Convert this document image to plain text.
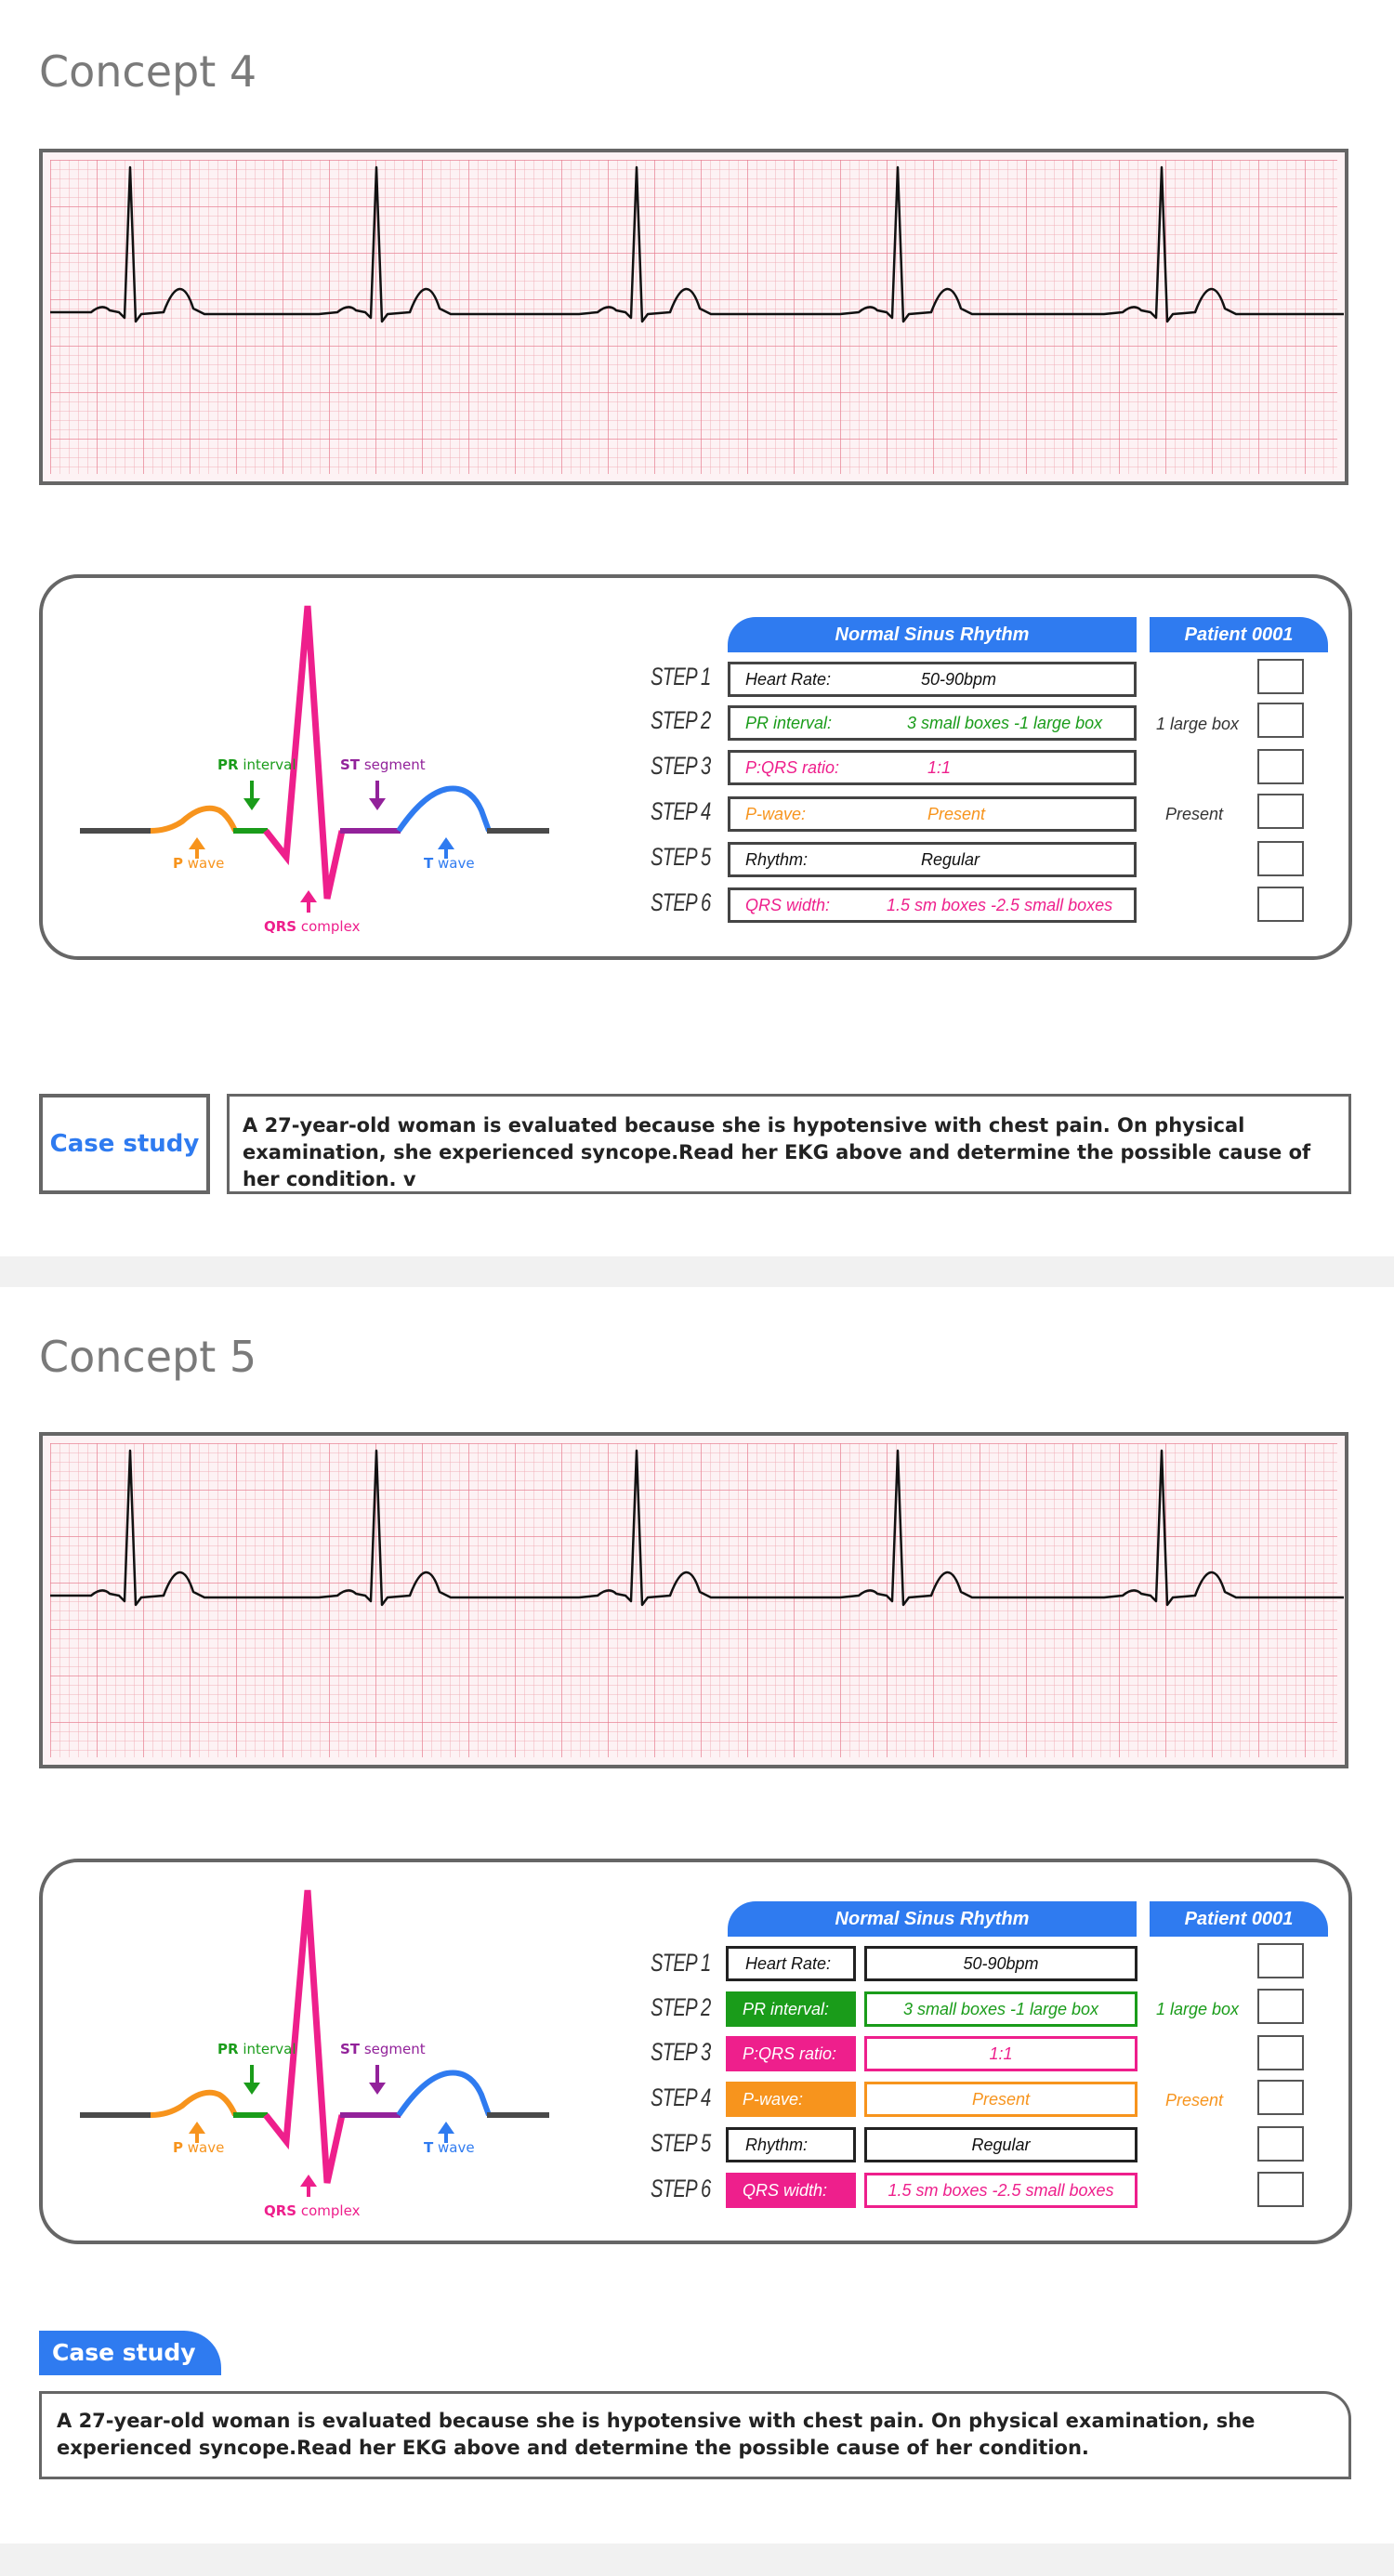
Concept 4
PR interval	ST segment
P wave	T wave
QRS complex
Normal Sinus Rhythm	Patient 0001
STEP 1 Heart Rate:	50-90bpm
STEP 2 PR interval:	3 small boxes -1 large box	1 large box
STEP 3 P:QRS ratio:	1:1
STEP 4 P-wave:	Present	Present
STEP 5 Rhythm:	Regular
STEP 6 QRS width:	1.5 sm boxes -2.5 small boxes
Case study
A 27-year-old woman is evaluated because she is hypotensive with chest pain. On physical examination, she experienced syncope.Read her EKG above and determine the possible cause of her condition. v
Concept 5
PR interval	ST segment
P wave	T wave
QRS complex
Normal Sinus Rhythm	Patient 0001
STEP 1	Heart Rate:	50-90bpm
STEP 2	PR interval:	3 small boxes -1 large box	1 large box
STEP 3	P:QRS ratio:	1:1
STEP 4	P-wave:	Present	Present
STEP 5	Rhythm:	Regular
STEP 6	QRS width:	1.5 sm boxes -2.5 small boxes
Case study
A 27-year-old woman is evaluated because she is hypotensive with chest pain. On physical examination, she experienced syncope.Read her EKG above and determine the possible cause of her condition.
